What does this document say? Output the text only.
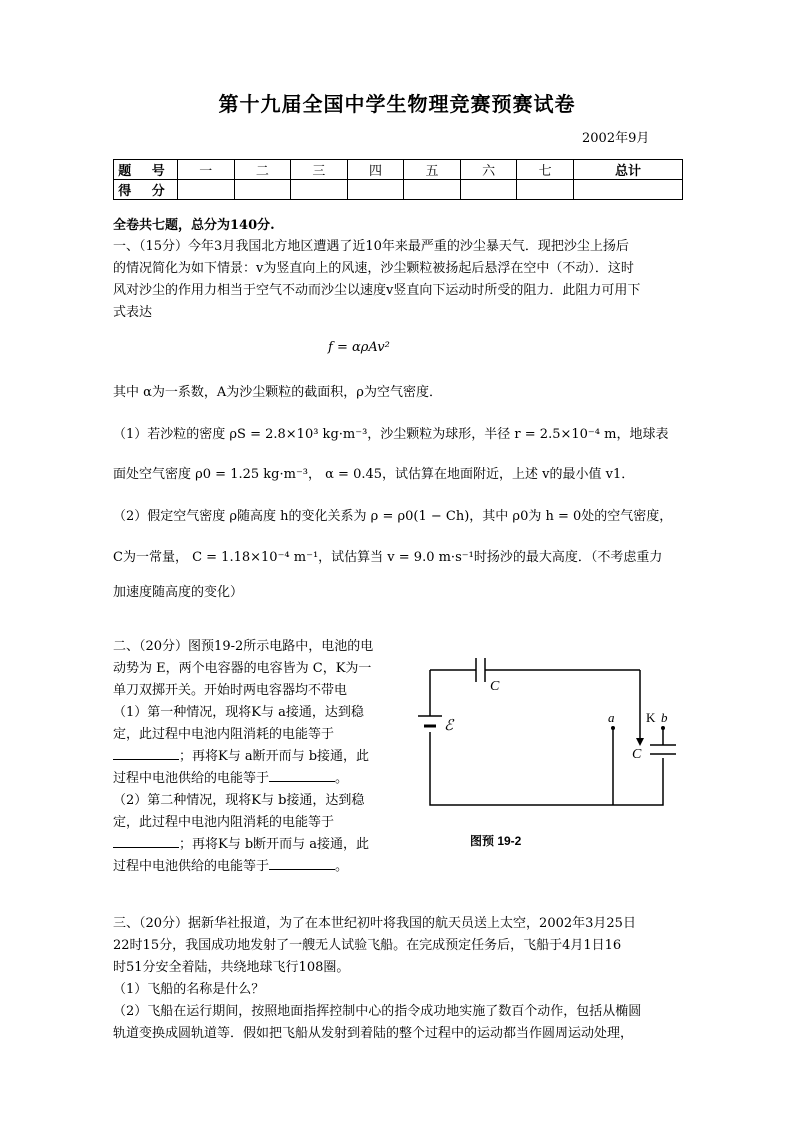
第十九届全国中学生物理竞赛预赛试卷
2002年9月
题 号	一	二	三	四	五	六	七	总计
得 分								
全卷共七题，总分为140分.
一、（15分）今年3月我国北方地区遭遇了近10年来最严重的沙尘暴天气．现把沙尘上扬后
的情况简化为如下情景：v为竖直向上的风速，沙尘颗粒被扬起后悬浮在空中（不动）．这时
风对沙尘的作用力相当于空气不动而沙尘以速度v竖直向下运动时所受的阻力．此阻力可用下
式表达
f = αρAv²
其中 α为一系数，A为沙尘颗粒的截面积，ρ为空气密度．
（1）若沙粒的密度 ρS = 2.8×10³ kg·m⁻³，沙尘颗粒为球形，半径 r = 2.5×10⁻⁴ m，地球表
面处空气密度 ρ0 = 1.25 kg·m⁻³， α = 0.45，试估算在地面附近，上述 v的最小值 v1．
（2）假定空气密度 ρ随高度 h的变化关系为 ρ = ρ0(1 − Ch)，其中 ρ0为 h = 0处的空气密度，
C为一常量， C = 1.18×10⁻⁴ m⁻¹，试估算当 v = 9.0 m·s⁻¹时扬沙的最大高度．（不考虑重力
加速度随高度的变化）
二、（20分）图预19-2所示电路中，电池的电
动势为 E，两个电容器的电容皆为 C，K为一
单刀双掷开关。开始时两电容器均不带电
（1）第一种情况，现将K与 a接通，达到稳
定，此过程中电池内阻消耗的电能等于
；再将K与 a断开而与 b接通，此
过程中电池供给的电能等于	。
（2）第二种情况，现将K与 b接通，达到稳
定，此过程中电池内阻消耗的电能等于
；再将K与 b断开而与 a接通，此
过程中电池供给的电能等于	。
C
ℰ
a K b
C
图预 19-2
三、（20分）据新华社报道，为了在本世纪初叶将我国的航天员送上太空，2002年3月25日
22时15分，我国成功地发射了一艘无人试验飞船。在完成预定任务后，飞船于4月1日16
时51分安全着陆，共绕地球飞行108圈。
（1）飞船的名称是什么？
（2）飞船在运行期间，按照地面指挥控制中心的指令成功地实施了数百个动作，包括从椭圆
轨道变换成圆轨道等．假如把飞船从发射到着陆的整个过程中的运动都当作圆周运动处理，
